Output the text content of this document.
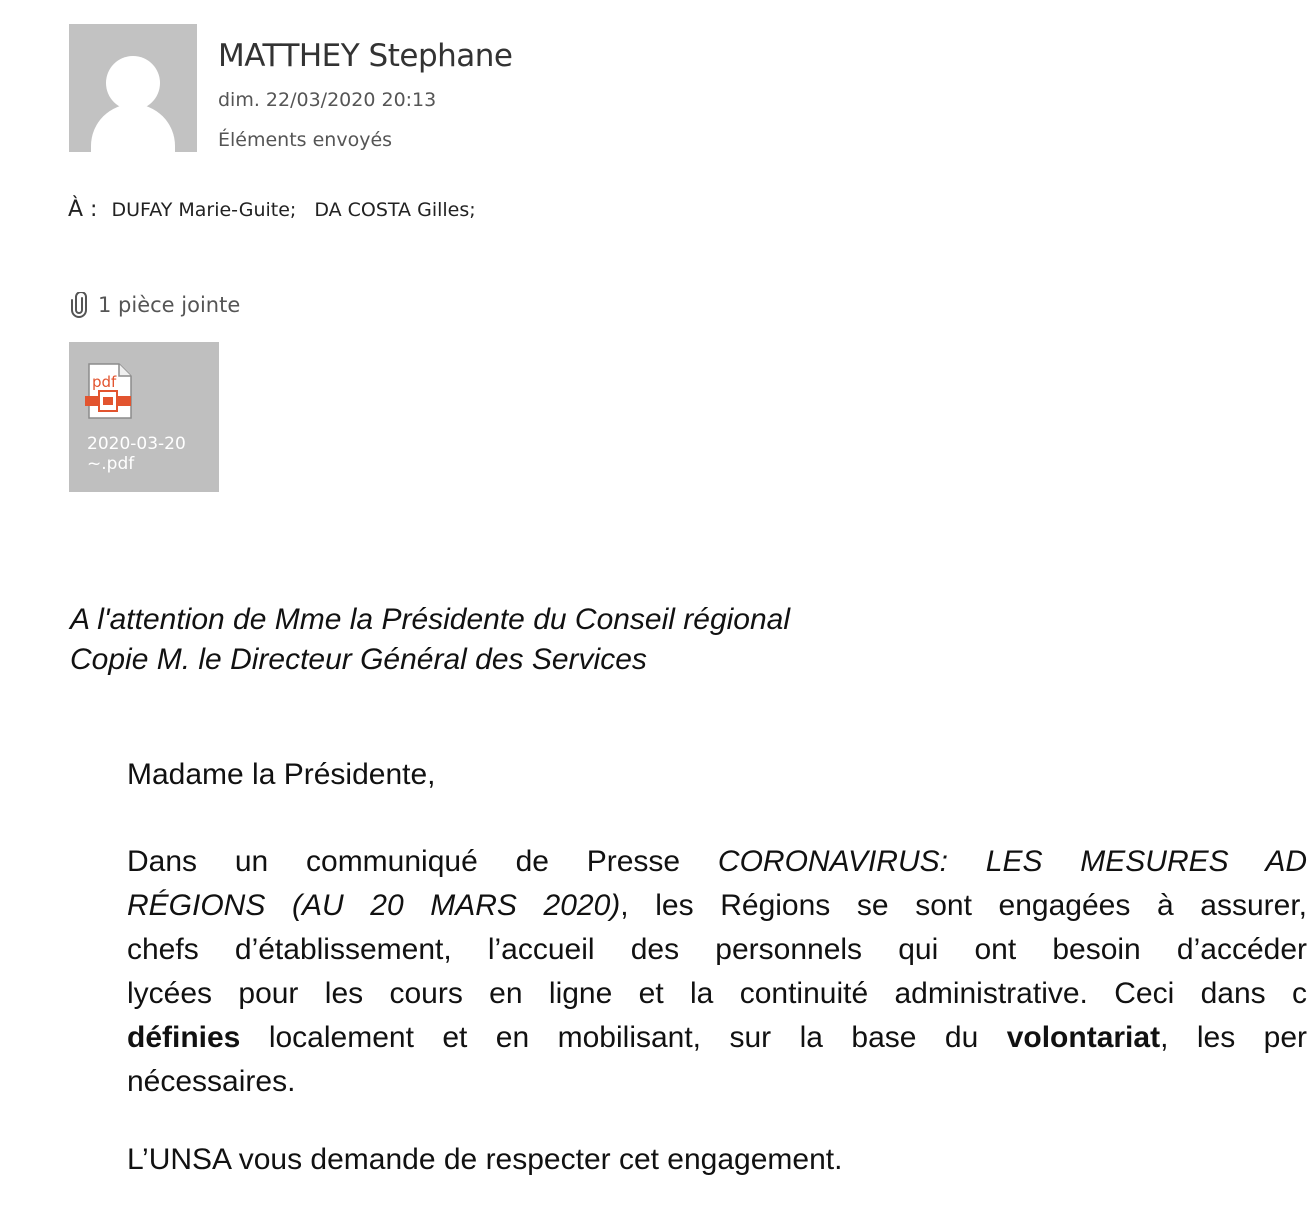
MATTHEY Stephane
dim. 22/03/2020 20:13
Éléments envoyés
À : DUFAY Marie-Guite; DA COSTA Gilles;
1 pièce jointe
pdf
2020-03-20
~.pdf
A l'attention de Mme la Présidente du Conseil régional
Copie M. le Directeur Général des Services
Madame la Présidente,
Dans un communiqué de Presse CORONAVIRUS: LES MESURES AD
RÉGIONS (AU 20 MARS 2020), les Régions se sont engagées à assurer,
chefs d’établissement, l’accueil des personnels qui ont besoin d’accéder
lycées pour les cours en ligne et la continuité administrative. Ceci dans c
définies localement et en mobilisant, sur la base du volontariat, les per
nécessaires.
L’UNSA vous demande de respecter cet engagement.
